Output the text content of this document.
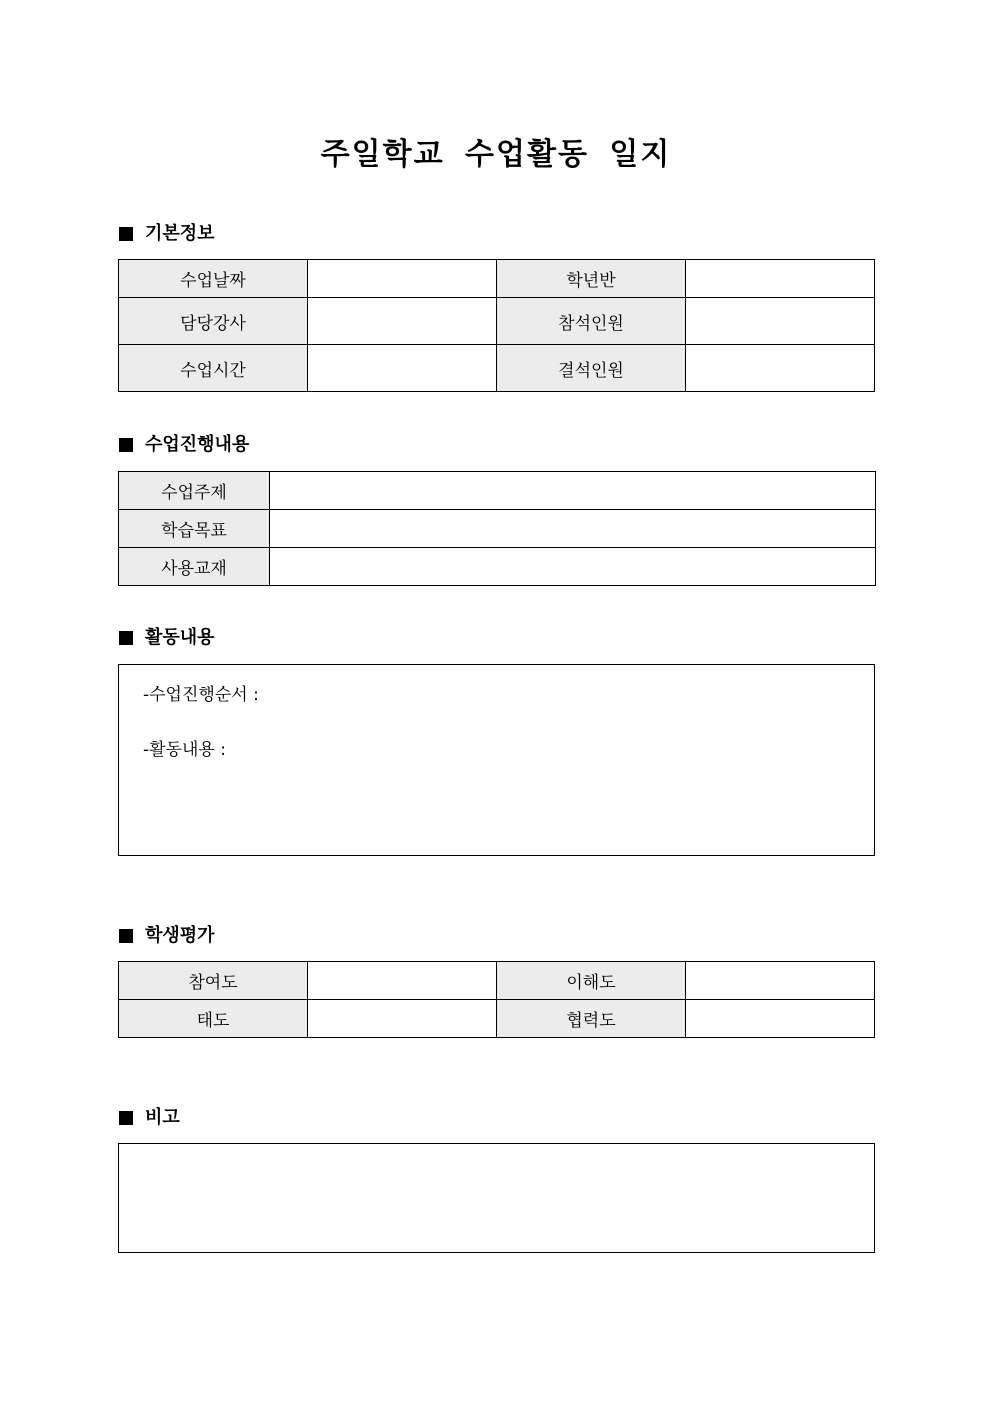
주일학교 수업활동 일지
기본정보
수업날짜		학년반	
담당강사		참석인원	
수업시간		결석인원	
수업진행내용
수업주제	
학습목표	
사용교재	
활동내용
-수업진행순서 :
-활동내용 :
학생평가
참여도		이해도	
태도		협력도	
비고
